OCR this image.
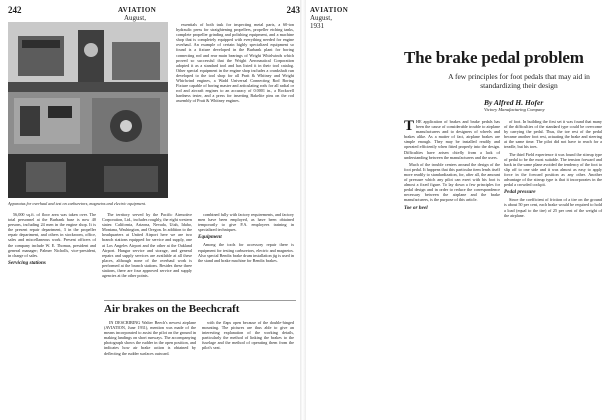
242	AVIATION
August,
Apparatus for overhaul and test on carburetors, magnetos and electric equipment.

essentials of both task for inspecting metal parts, a 60-ton hydraulic press for straightening propellers, propeller etching tanks, complete propeller grinding and polishing equipment, and a machine shop that is completely equipped with everything needed for engine overhaul. An example of certain highly specialized equipment so found is a fixture developed in the Burbank plant for boring connecting rod and rear main bearings of Wright Whirlwinds which proved so successful that the Wright Aeronautical Corporation adopted it as a standard tool and has listed it in their tool catalog. Other special equipment in the engine shop includes a crankshaft run developed to the tool shop for all Pratt & Whitney and Wright Whirlwind engines, a Wadd Universal Connecting Rod Boring Fixture capable of boring master and articulating rods for all radial or rod and aircraft engines to an accuracy of 0.0001 in., a Rockwell hardness tester, and a press for inserting Bakelite pins on the rod assembly of Pratt & Whitney engines.

56,000 sq.ft. of floor area was taken over. The total personnel at the Burbank base is now 40 persons, including 24 men in the engine shop. It is the present repair department, 3 in the propeller repair department, and others in stockroom, office, sales and miscellaneous work. Present officers of the company include W. E. Thomas, president and general manager; Palmer Nicholls, vice-president, in charge of sales.

Servicing stations

The territory served by the Pacific Airmotive Corporation, Ltd., includes roughly, the eight western states: California, Arizona, Nevada, Utah, Idaho, Montana, Washington, and Oregon. In addition to the headquarters at United Airport here we are two branch stations equipped for service and supply, one at Los Angeles Airport and the other at the Oakland Airport. Hangar service and storage, and general repairs and supply services are available at all these places, although none of the overhaul work is performed at the branch stations. Besides these three stations, there are four approved service and supply agencies at the other points.

combined fully with factory requirements, and factory men have been employed, as have been obtained temporarily to give P.A. employees training in specialized techniques.

Equipment

Among the tools for accessory repair there is equipment for testing carburetors, electric and magnetos. Also special Bendix brake drum installation jig is used in the stand and brake machine for Bendix brakes.

Air brakes on the Beechcraft

IN DESCRIBING Walter Beech's newest airplane (AVIATION, June 1931), mention was made of the means incorporated to assist the pilot on the ground in making landings on short runways. The accompanying photograph shows the rudder in the open position, and indicates how air brake action is obtained by deflecting the rudder surfaces outward.

with the flaps open because of the double-hinged mounting. The pictures are thus able to give an interesting explanation of the working details, particularly the method of linking the brakes to the fuselage and the method of operating them from the pilot's seat.

AVIATION
August, 1931
243
The brake pedal problem
A few principles for foot pedals that may aid in standardizing their design
By Alfred H. Hofer
Victory Manufacturing Company

THE application of brakes and brake pedals has been the cause of considerable trouble to airplane manufacturers and to designers of wheels and brakes alike. As a matter of fact, airplane brakes are simple enough. They may be installed readily and operated efficiently when fitted properly into the design. Difficulties have arisen chiefly from a lack of understanding between the manufacturers and the users.

Much of the trouble centers around the design of the foot pedal. It happens that this particular item lends itself more readily to standardization, for, after all, the amount of pressure which any pilot can exert with his foot is almost a fixed figure. To lay down a few principles for pedal design and in order to reduce the correspondence necessary between the airplane and the brake manufacturers, is the purpose of this article.

Toe or heel

of foot. In building the first set it was found that many of the difficulties of the standard type could be overcome by carrying the pedal. Thus, the toe rest of the pedal became another foot rest, actuating the brake and steering at the same time. The pilot did not have to reach for a treadle, but his toes.

The third Field experience it was found the stirrup type of pedal to be the most suitable. The tension forward and back in the same plane avoided the tendency of the foot to slip off to one side and it was almost as easy to apply force in the forward position as any other. Another advantage of the stirrup type is that it incorporates in the pedal a crowded cockpit.

Pedal pressure

Since the coefficient of friction of a tire on the ground is about 50 per cent, each brake would be required to hold a load (equal to the tire) of 25 per cent of the weight of the airplane.
